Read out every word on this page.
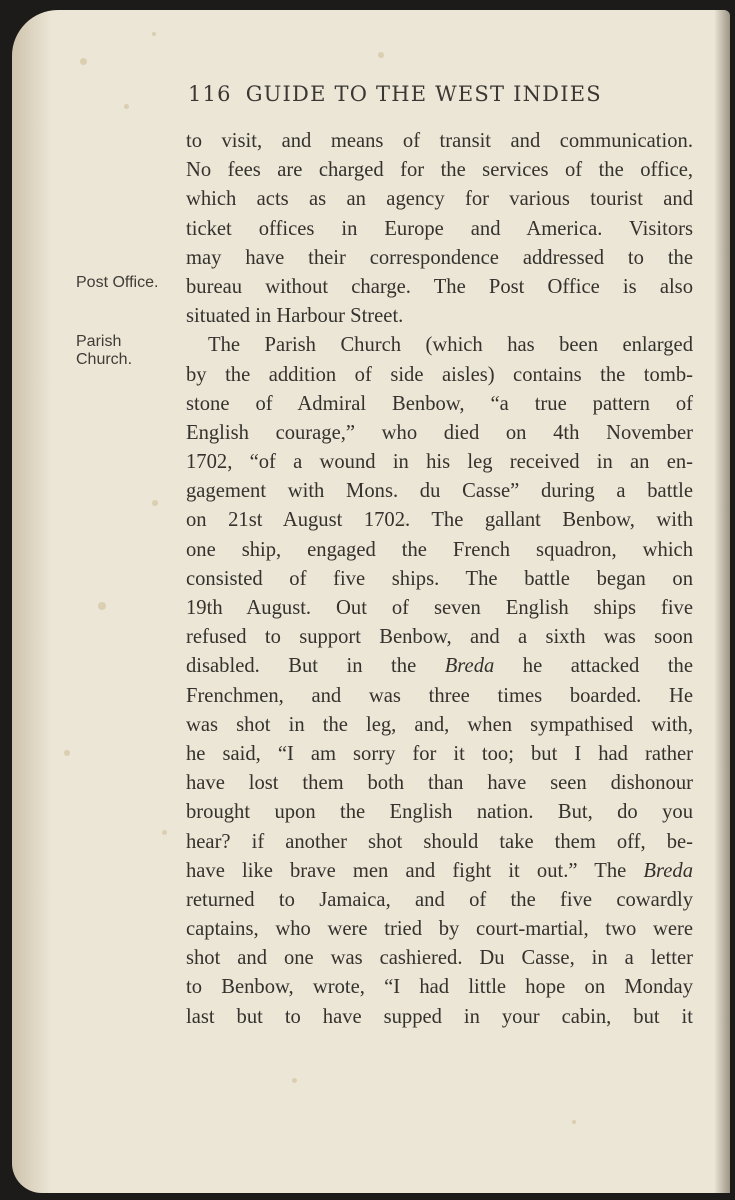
116 GUIDE TO THE WEST INDIES
Post Office.
Parish
Church.
to visit, and means of transit and communication.
No fees are charged for the services of the office,
which acts as an agency for various tourist and
ticket offices in Europe and America. Visitors
may have their correspondence addressed to the
bureau without charge. The Post Office is also
situated in Harbour Street.
The Parish Church (which has been enlarged
by the addition of side aisles) contains the tomb-
stone of Admiral Benbow, “a true pattern of
English courage,” who died on 4th November
1702, “of a wound in his leg received in an en-
gagement with Mons. du Casse” during a battle
on 21st August 1702. The gallant Benbow, with
one ship, engaged the French squadron, which
consisted of five ships. The battle began on
19th August. Out of seven English ships five
refused to support Benbow, and a sixth was soon
disabled. But in the Breda he attacked the
Frenchmen, and was three times boarded. He
was shot in the leg, and, when sympathised with,
he said, “I am sorry for it too; but I had rather
have lost them both than have seen dishonour
brought upon the English nation. But, do you
hear? if another shot should take them off, be-
have like brave men and fight it out.” The Breda
returned to Jamaica, and of the five cowardly
captains, who were tried by court-martial, two were
shot and one was cashiered. Du Casse, in a letter
to Benbow, wrote, “I had little hope on Monday
last but to have supped in your cabin, but it
